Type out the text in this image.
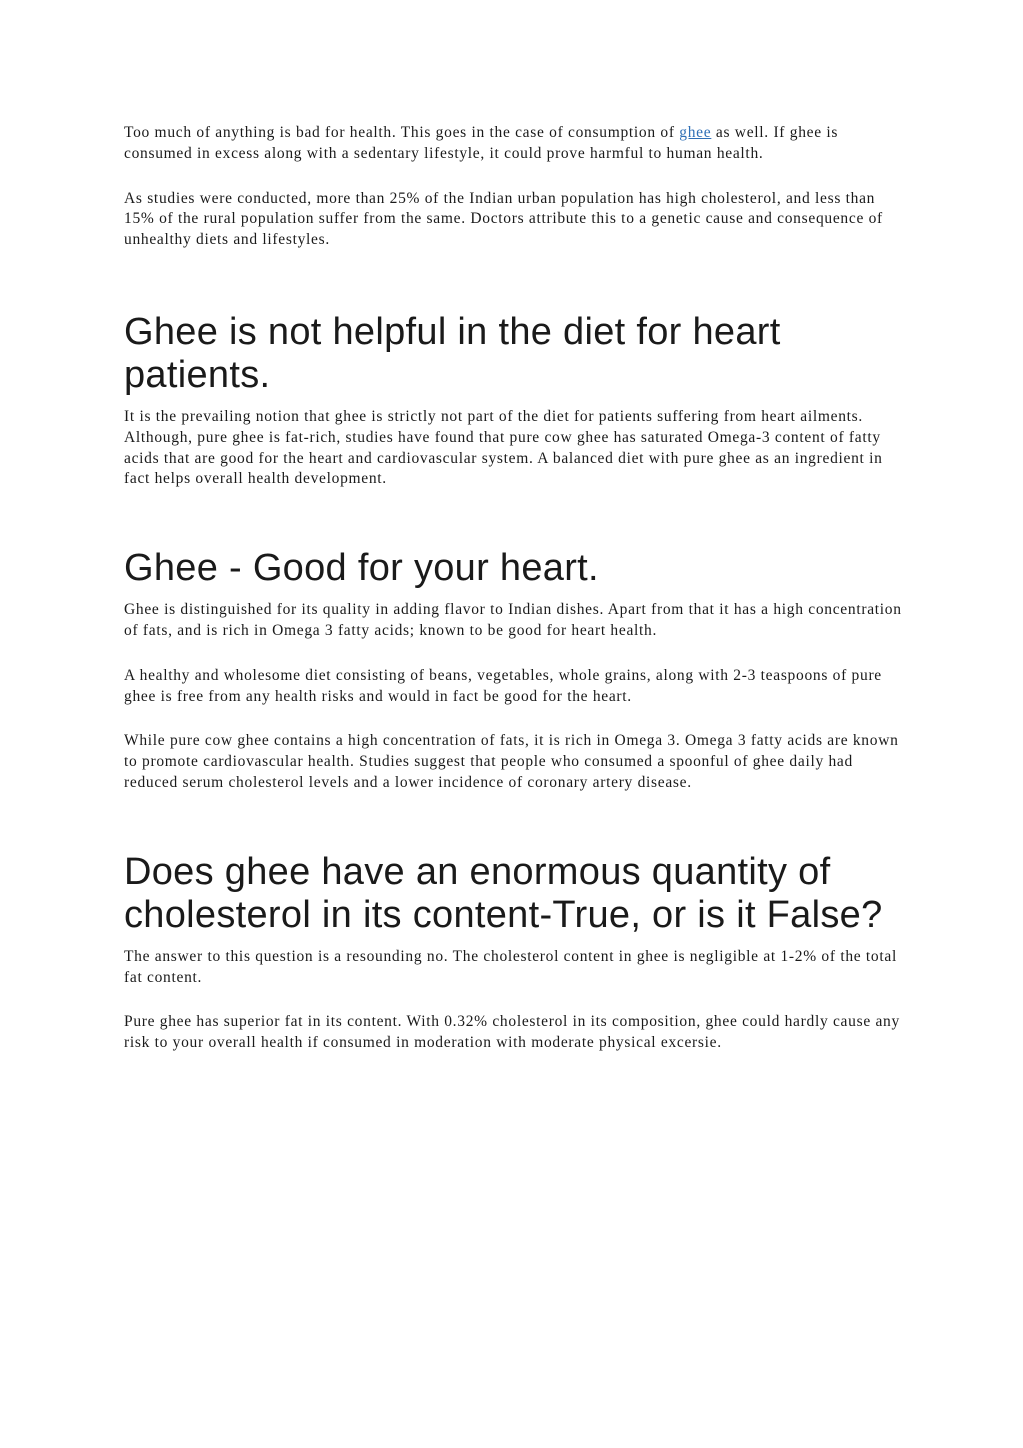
Too much of anything is bad for health. This goes in the case of consumption of ghee as well. If ghee is consumed in excess along with a sedentary lifestyle, it could prove harmful to human health.

As studies were conducted, more than 25% of the Indian urban population has high cholesterol, and less than 15% of the rural population suffer from the same. Doctors attribute this to a genetic cause and consequence of unhealthy diets and lifestyles.

Ghee is not helpful in the diet for heart patients.

It is the prevailing notion that ghee is strictly not part of the diet for patients suffering from heart ailments. Although, pure ghee is fat-rich, studies have found that pure cow ghee has saturated Omega-3 content of fatty acids that are good for the heart and cardiovascular system. A balanced diet with pure ghee as an ingredient in fact helps overall health development.

Ghee - Good for your heart.

Ghee is distinguished for its quality in adding flavor to Indian dishes. Apart from that it has a high concentration of fats, and is rich in Omega 3 fatty acids; known to be good for heart health.

A healthy and wholesome diet consisting of beans, vegetables, whole grains, along with 2-3 teaspoons of pure ghee is free from any health risks and would in fact be good for the heart.

While pure cow ghee contains a high concentration of fats, it is rich in Omega 3. Omega 3 fatty acids are known to promote cardiovascular health. Studies suggest that people who consumed a spoonful of ghee daily had reduced serum cholesterol levels and a lower incidence of coronary artery disease.

Does ghee have an enormous quantity of cholesterol in its content-True, or is it False?

The answer to this question is a resounding no. The cholesterol content in ghee is negligible at 1-2% of the total fat content.

Pure ghee has superior fat in its content. With 0.32% cholesterol in its composition, ghee could hardly cause any risk to your overall health if consumed in moderation with moderate physical excersie.
